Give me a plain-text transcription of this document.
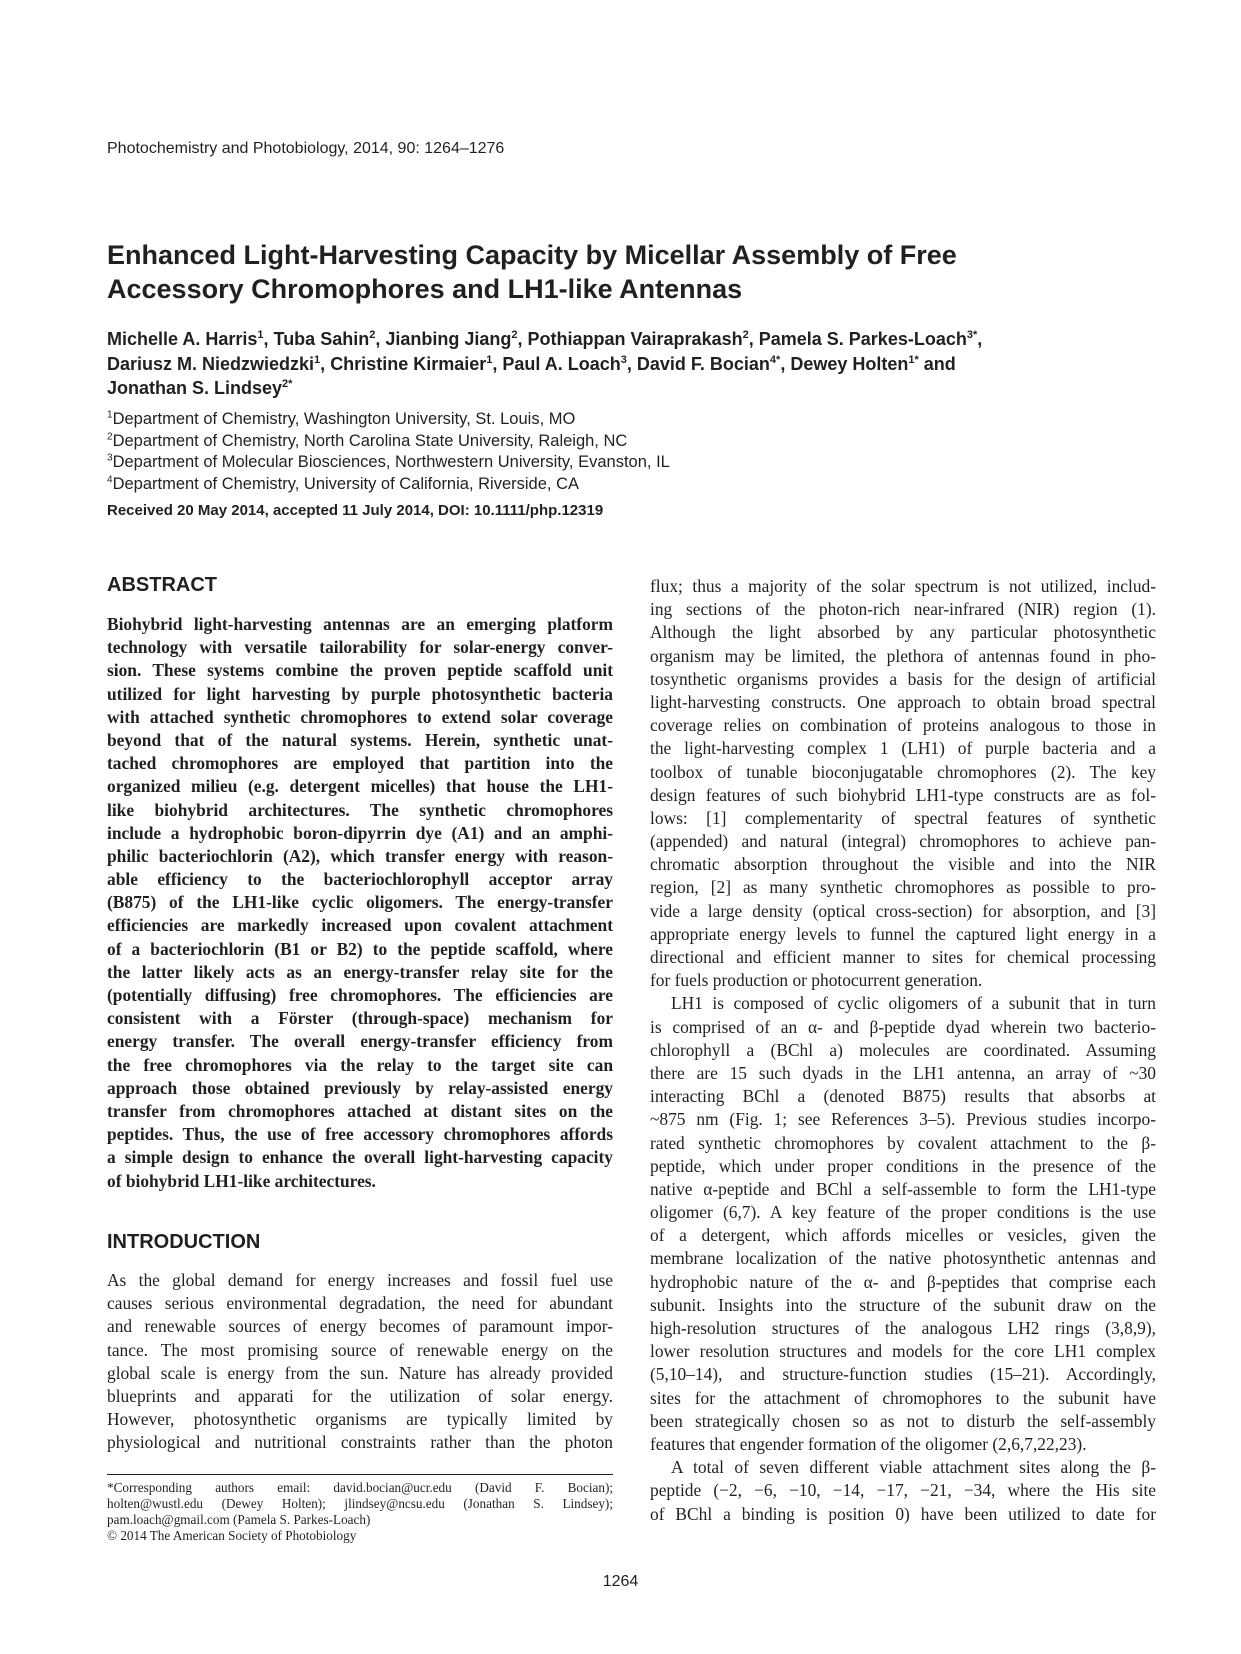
Photochemistry and Photobiology, 2014, 90: 1264–1276
Enhanced Light-Harvesting Capacity by Micellar Assembly of Free
Accessory Chromophores and LH1-like Antennas
Michelle A. Harris$^1$, Tuba Sahin$^2$, Jianbing Jiang$^2$, Pothiappan Vairaprakash$^2$, Pamela S. Parkes-Loach$^{3*}$,
Dariusz M. Niedzwiedzki$^1$, Christine Kirmaier$^1$, Paul A. Loach$^3$, David F. Bocian$^{4*}$, Dewey Holten$^{1*}$ and
Jonathan S. Lindsey$^{2*}$
$^1$Department of Chemistry, Washington University, St. Louis, MO
$^2$Department of Chemistry, North Carolina State University, Raleigh, NC
$^3$Department of Molecular Biosciences, Northwestern University, Evanston, IL
$^4$Department of Chemistry, University of California, Riverside, CA
Received 20 May 2014, accepted 11 July 2014, DOI: 10.1111/php.12319
ABSTRACT
Biohybrid light-harvesting antennas are an emerging platform
technology with versatile tailorability for solar-energy conver-
sion. These systems combine the proven peptide scaffold unit
utilized for light harvesting by purple photosynthetic bacteria
with attached synthetic chromophores to extend solar coverage
beyond that of the natural systems. Herein, synthetic unat-
tached chromophores are employed that partition into the
organized milieu (e.g. detergent micelles) that house the LH1-
like biohybrid architectures. The synthetic chromophores
include a hydrophobic boron-dipyrrin dye (A1) and an amphi-
philic bacteriochlorin (A2), which transfer energy with reason-
able efficiency to the bacteriochlorophyll acceptor array
(B875) of the LH1-like cyclic oligomers. The energy-transfer
efficiencies are markedly increased upon covalent attachment
of a bacteriochlorin (B1 or B2) to the peptide scaffold, where
the latter likely acts as an energy-transfer relay site for the
(potentially diffusing) free chromophores. The efficiencies are
consistent with a Förster (through-space) mechanism for
energy transfer. The overall energy-transfer efficiency from
the free chromophores via the relay to the target site can
approach those obtained previously by relay-assisted energy
transfer from chromophores attached at distant sites on the
peptides. Thus, the use of free accessory chromophores affords
a simple design to enhance the overall light-harvesting capacity
of biohybrid LH1-like architectures.
INTRODUCTION
As the global demand for energy increases and fossil fuel use
causes serious environmental degradation, the need for abundant
and renewable sources of energy becomes of paramount impor-
tance. The most promising source of renewable energy on the
global scale is energy from the sun. Nature has already provided
blueprints and apparati for the utilization of solar energy.
However, photosynthetic organisms are typically limited by
physiological and nutritional constraints rather than the photon
flux; thus a majority of the solar spectrum is not utilized, includ-
ing sections of the photon-rich near-infrared (NIR) region (1).
Although the light absorbed by any particular photosynthetic
organism may be limited, the plethora of antennas found in pho-
tosynthetic organisms provides a basis for the design of artificial
light-harvesting constructs. One approach to obtain broad spectral
coverage relies on combination of proteins analogous to those in
the light-harvesting complex 1 (LH1) of purple bacteria and a
toolbox of tunable bioconjugatable chromophores (2). The key
design features of such biohybrid LH1-type constructs are as fol-
lows: [1] complementarity of spectral features of synthetic
(appended) and natural (integral) chromophores to achieve pan-
chromatic absorption throughout the visible and into the NIR
region, [2] as many synthetic chromophores as possible to pro-
vide a large density (optical cross-section) for absorption, and [3]
appropriate energy levels to funnel the captured light energy in a
directional and efficient manner to sites for chemical processing
for fuels production or photocurrent generation.
LH1 is composed of cyclic oligomers of a subunit that in turn
is comprised of an α- and β-peptide dyad wherein two bacterio-
chlorophyll a (BChl a) molecules are coordinated. Assuming
there are 15 such dyads in the LH1 antenna, an array of ~30
interacting BChl a (denoted B875) results that absorbs at
~875 nm (Fig. 1; see References 3–5). Previous studies incorpo-
rated synthetic chromophores by covalent attachment to the β-
peptide, which under proper conditions in the presence of the
native α-peptide and BChl a self-assemble to form the LH1-type
oligomer (6,7). A key feature of the proper conditions is the use
of a detergent, which affords micelles or vesicles, given the
membrane localization of the native photosynthetic antennas and
hydrophobic nature of the α- and β-peptides that comprise each
subunit. Insights into the structure of the subunit draw on the
high-resolution structures of the analogous LH2 rings (3,8,9),
lower resolution structures and models for the core LH1 complex
(5,10–14), and structure-function studies (15–21). Accordingly,
sites for the attachment of chromophores to the subunit have
been strategically chosen so as not to disturb the self-assembly
features that engender formation of the oligomer (2,6,7,22,23).
A total of seven different viable attachment sites along the β-
peptide (−2, −6, −10, −14, −17, −21, −34, where the His site
of BChl a binding is position 0) have been utilized to date for
*Corresponding authors email: david.bocian@ucr.edu (David F. Bocian);
holten@wustl.edu (Dewey Holten); jlindsey@ncsu.edu (Jonathan S. Lindsey);
pam.loach@gmail.com (Pamela S. Parkes-Loach)
© 2014 The American Society of Photobiology
1264
